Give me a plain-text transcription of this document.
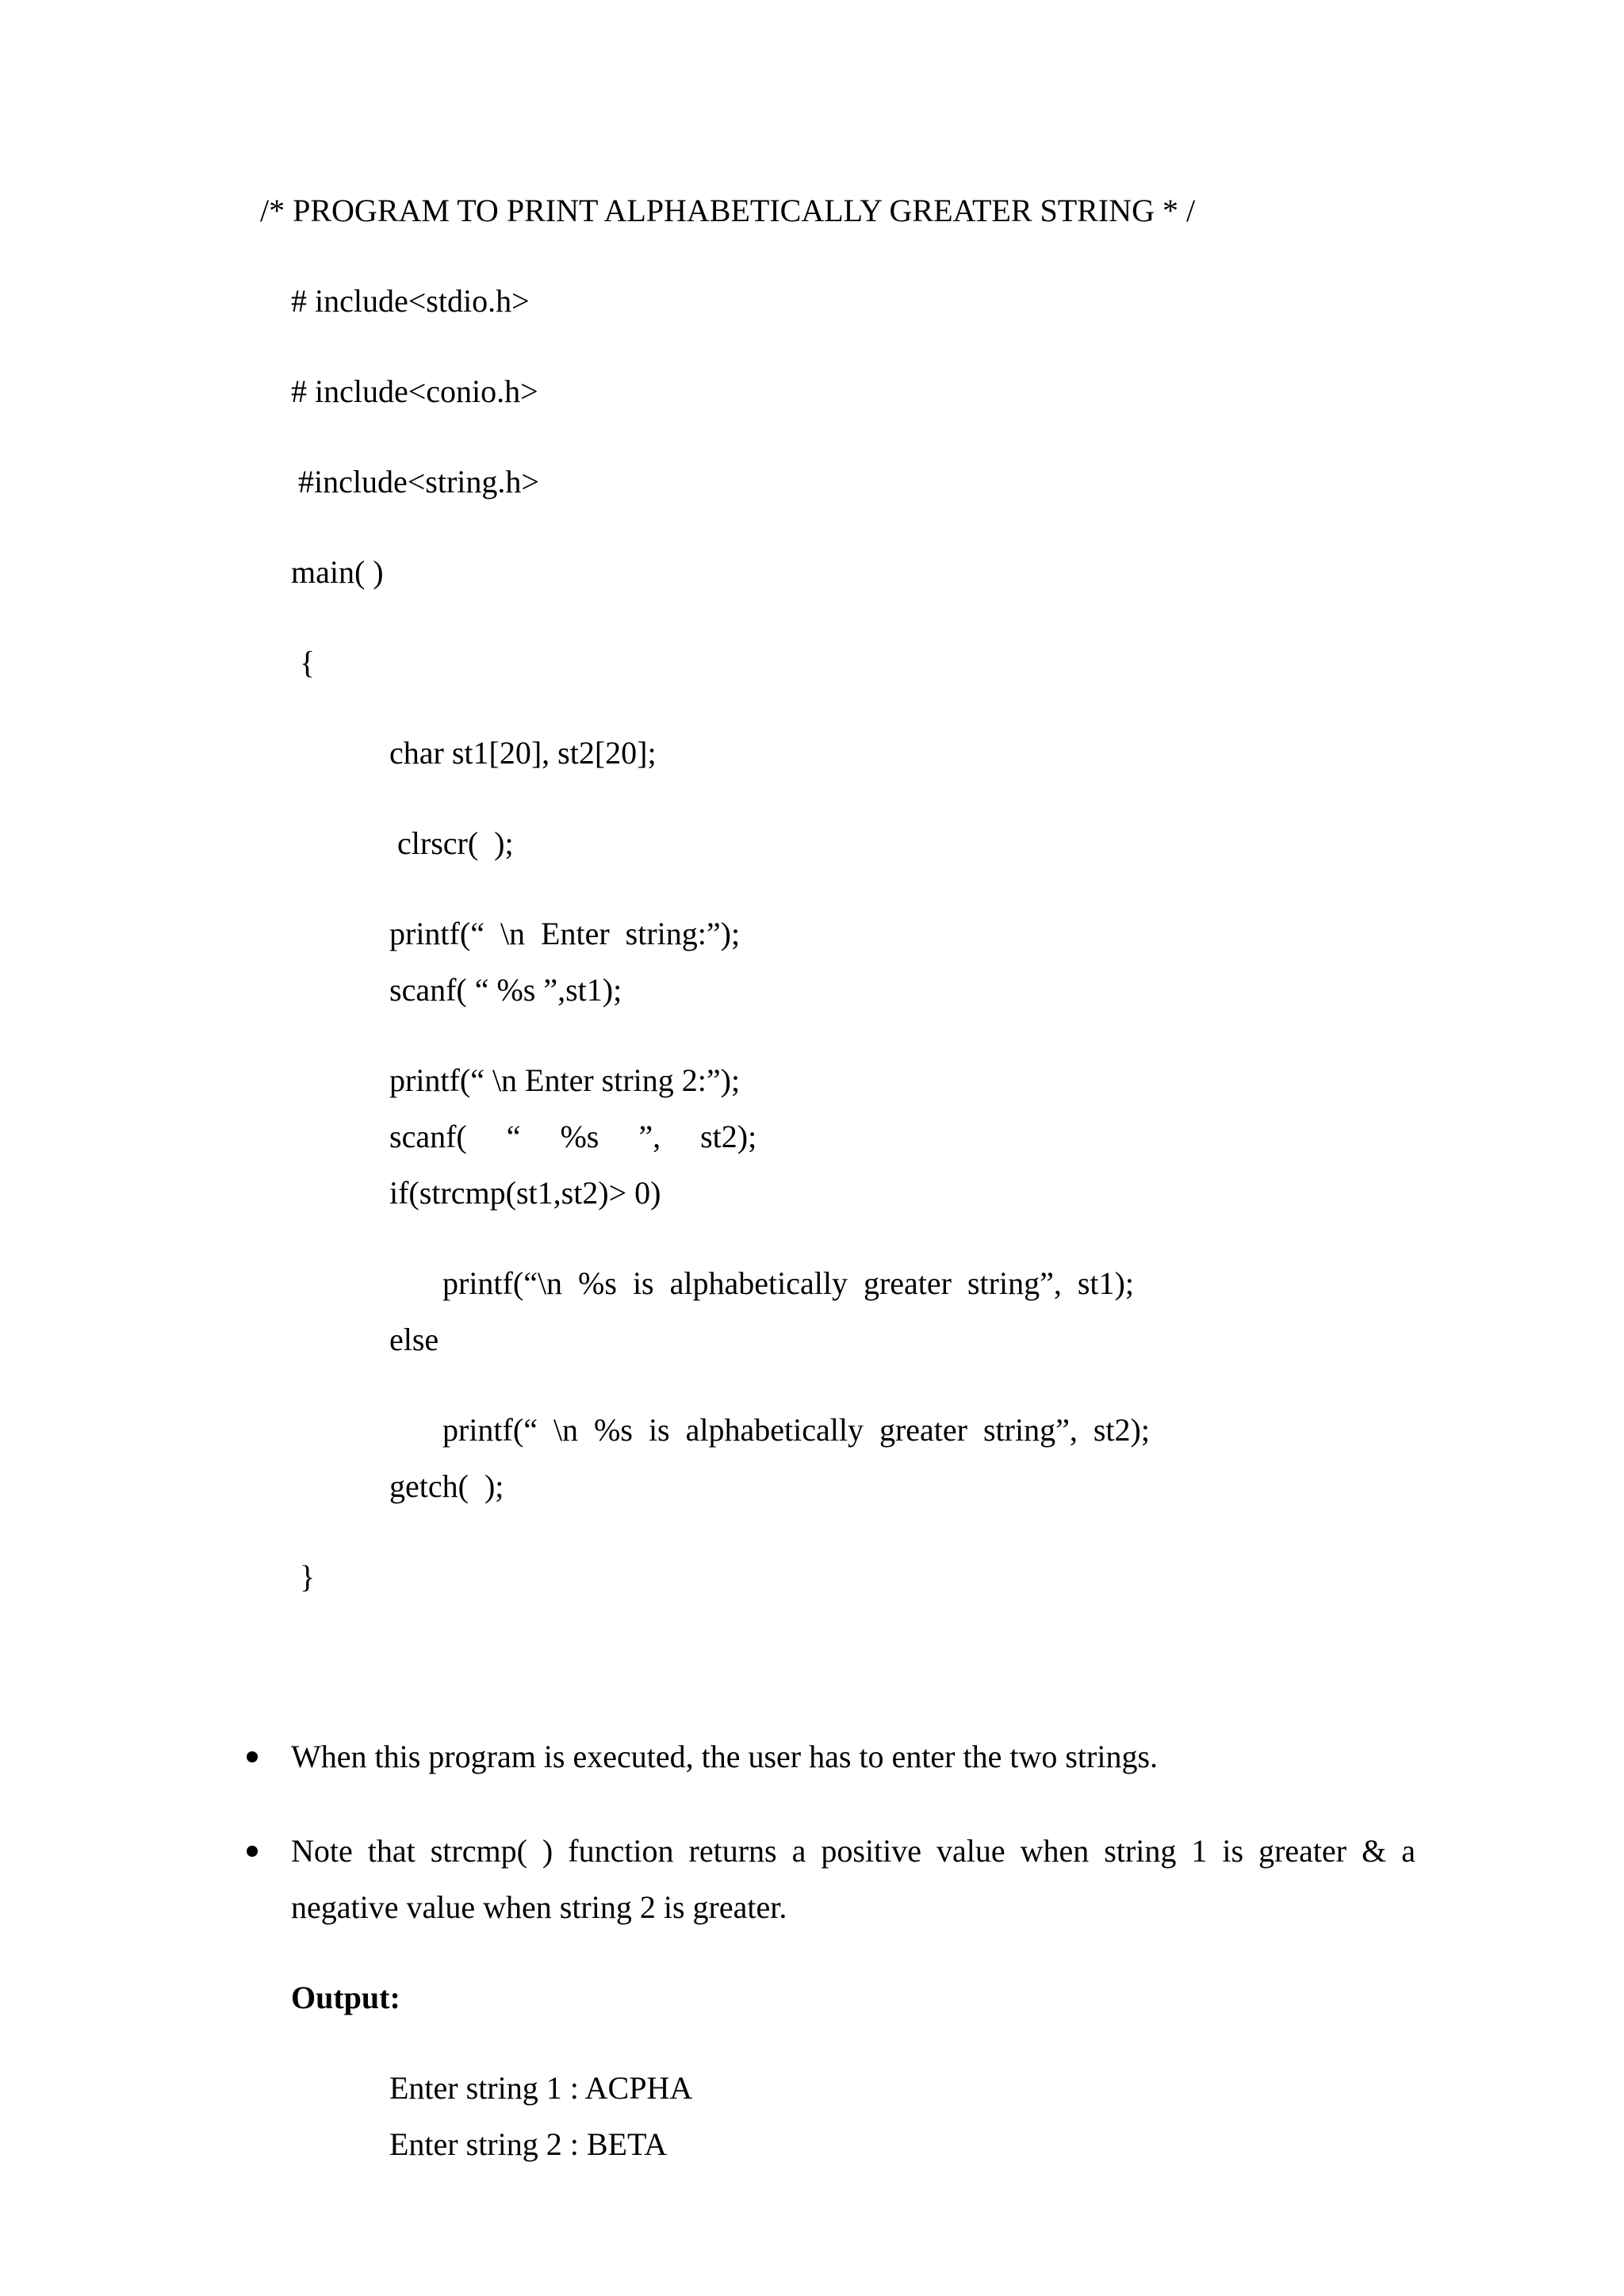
/* PROGRAM TO PRINT ALPHABETICALLY GREATER STRING * /
# include<stdio.h>
# include<conio.h>
#include<string.h>
main( )
{
char st1[20], st2[20];
clrscr(  );
printf(“  \n  Enter  string:”);
scanf( “ %s ”,st1);
printf(“ \n Enter string 2:”);
scanf(     “     %s     ”,     st2);
if(strcmp(st1,st2)> 0)
printf(“\n  %s  is  alphabetically  greater  string”,  st1);
else
printf(“  \n  %s  is  alphabetically  greater  string”,  st2);
getch(  );
}
When this program is executed, the user has to enter the two strings.
Note that strcmp( ) function returns a positive value when string 1 is greater & a
negative value when string 2 is greater.
Output:
Enter string 1 : ACPHA
Enter string 2 : BETA
